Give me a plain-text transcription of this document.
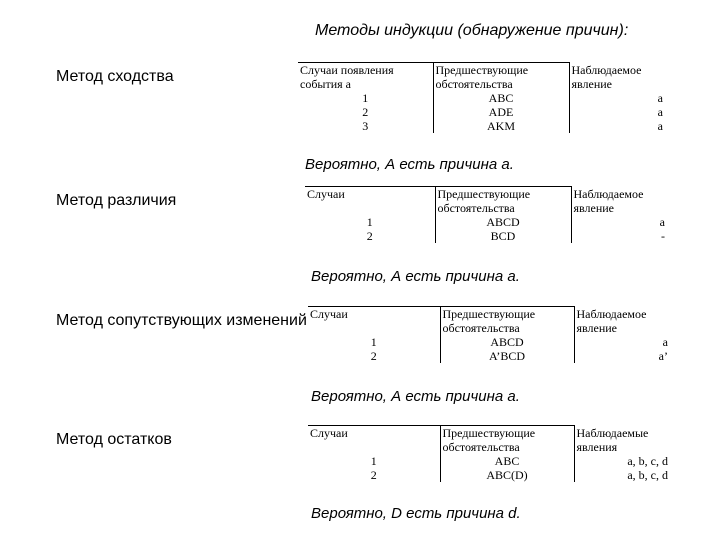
Методы индукции (обнаружение причин):
Метод сходства	Случаи появления события a	Предшествующие обстоятельства	Наблюдаемое явление
1	ABC	a
2	ADE	a
3	AKM	a
Вероятно, А есть причина а.
Метод различия	Случаи	Предшествующие обстоятельства	Наблюдаемое явление
1	ABCD	a
2	BCD	-
Вероятно, А есть причина а.
Метод сопутствующих изменений Случаи	Предшествующие обстоятельства	Наблюдаемое явление
1	ABCD	a
2	A’BCD	a’
Вероятно, А есть причина а.
Метод остатков	Случаи	Предшествующие обстоятельства	Наблюдаемые явления
1	ABC	a, b, c, d
2	ABC(D)	a, b, c, d
Вероятно, D есть причина d.
